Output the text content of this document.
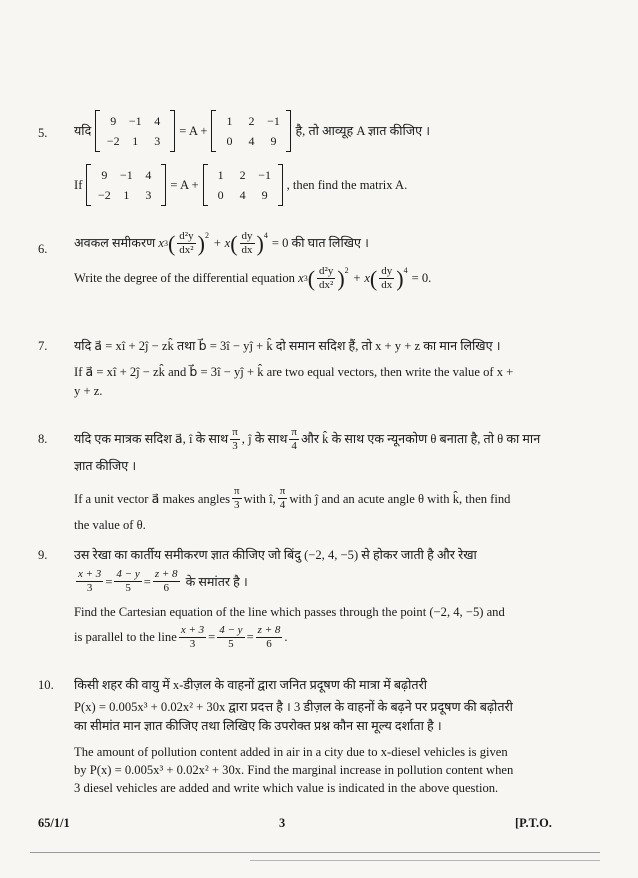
5. यदि
9	−1	4
−2	1	3
= A +
1	2	−1
0	4	9
है, तो आव्यूह A ज्ञात कीजिए ।
If
9	−1	4
−2	1	3
= A +
1	2	−1
0	4	9
, then find the matrix A.
6. अवकल समीकरण
x 3 ( $\frac{\text{d²y}}{\text{dx²}} )^2$
+ x ( $\frac{dy}{dx} )^4$
= 0 की घात लिखिए ।
Write the degree of the differential equation
x 3 ( $\frac{\text{d²y}}{\text{dx²}} )^2$
+ x ( $\frac{dy}{dx} )^4$
= 0.
7. यदि a⃗ = xî + 2ĵ − zk̂ तथा b⃗ = 3î − yĵ + k̂ दो समान सदिश हैं, तो x + y + z का मान लिखिए ।
If a⃗ = xî + 2ĵ − zk̂ and b⃗ = 3î − yĵ + k̂ are two equal vectors, then write the value of x + y + z.
8. यदि एक मात्रक सदिश a⃗, î के साथ $\frac{\pi}{3}$ , ĵ के साथ $\frac{\pi}{4}$ और k̂ के साथ एक न्यूनकोण θ बनाता है, तो θ का मान
ज्ञात कीजिए ।
If a unit vector a⃗ makes angles $\frac{\pi}{3}$ with î, $\frac{\pi}{4}$ with ĵ and an acute angle θ with k̂, then find
the value of θ.
9. उस रेखा का कार्तीय समीकरण ज्ञात कीजिए जो बिंदु (−2, 4, −5) से होकर जाती है और रेखा
$\frac{x + 3}{3} = \frac{4 - y}{5} = \frac{z + 8}{6}$ के समांतर है ।
Find the Cartesian equation of the line which passes through the point (−2, 4, −5) and
is parallel to the line $\frac{x + 3}{3} = \frac{4 - y}{5} = \frac{z + 8}{6}$ .
10. किसी शहर की वायु में x-डीज़ल के वाहनों द्वारा जनित प्रदूषण की मात्रा में बढ़ोतरी
P(x) = 0.005x³ + 0.02x² + 30x द्वारा प्रदत्त है । 3 डीज़ल के वाहनों के बढ़ने पर प्रदूषण की बढ़ोतरी का सीमांत मान ज्ञात कीजिए तथा लिखिए कि उपरोक्त प्रश्न कौन सा मूल्य दर्शाता है ।
The amount of pollution content added in air in a city due to x-diesel vehicles is given by P(x) = 0.005x³ + 0.02x² + 30x. Find the marginal increase in pollution content when 3 diesel vehicles are added and write which value is indicated in the above question.
65/1/1	3	[P.T.O.
